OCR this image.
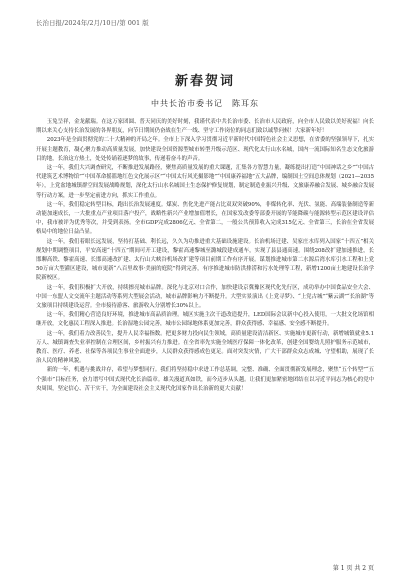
长治日报/2024年/2月/10日/第 001 版
新春贺词
中共长治市委书记　陈耳东

玉兔呈祥，金龙献瑞。在这万家团圆、普天同庆的美好时刻，我谨代表中共长治市委、长治市人民政府，向全市人民致以美好祝福！向长期以来关心支持长治发展的各界朋友，向节日期间仍奋战在生产一线、坚守工作岗位的同志们致以诚挚问候！大家新年好！

2023年是全面贯彻党的二十大精神的开局之年。全市上下深入学习贯彻习近平新时代中国特色社会主义思想，在省委的坚强领导下，扎实开展主题教育，凝心聚力推动高质量发展，加快建设全国资源型城市转型升级示范区、现代化太行山水名城，国内一流国际知名生态文化旅游目的地，长治这方热土，处处传诵着逐梦的故事，传递着奋斗的声音。

这一年，我们大兴调查研究，不断推进发展路径，聚焦高质量发展的重大课题，汇集各方智慧力量，凝练提出打造“中国神话之乡”“中国古代建筑艺术博物馆”“中国革命摇篮地红色文化展示区”“中国太行风光摄影地”“中国康养福地”五大品牌，编制国土空间总体规划（2021—2035年），上党盆地城镇群空间发展战略规划，深化太行山水名城国土生态保护修复规划，制定制造业振兴升级、文旅康养融合发展、城乡融合发展等行动方案，进一步坚定前进方向，抓实工作重点。

这一年，我们稳定转型目标，跑出长治发展速度。煤炭、焦化先进产能占比双双突破90%，非煤转化率、光伏、氢能、高端装备制造等新动能加速成长，一大批重点产业项目落户投产，战略性新兴产业增加值增长，在国家发改委等部委开展的节能降碳与能源转型示范区建设评估中，我市被评为优秀等次，并受到表扬。全市GDP完成2806亿元、全省第二，一般公共预算收入完成315亿元、全省第三，长治在全省发展格局中的地位日益凸显。

这一年，我们着眼长远发展，坚持打基础、利长远，久久为功推进重大基础设施建设。长治机场迁建、吴家庄水库列入国家“十四五”相关规划中期调整项目，平安高速“十四五”期间可开工建设，黎霍高速黎城至潞城段建成通车，实现了县县通高速。围绕208改扩建加速推进，长邯聊高铁、黎霍高速、长邯高速改扩建、太行山大峡谷机场改扩建等项目前期工作有序开展。谋划推进城市第二水源后湾水库引水工程和上党50万亩大型灌区建设，城市更新“八百里故事·美丽的庭院”得到完善，有序推进城市防洪排涝和污水处理等工程，新增1200亩土地建设长治学院新校区。

这一年，我们积极扩大开放，持续擦亮城市品牌。深化与北京对口合作，加快建设京冀豫区现代化先行区，成功举办中国食品安全大会、中国一东盟人文交流年主题活动等系列大型展会活动，城市品牌影响力不断提升。大型实景演出《上党寻梦》、“上党古城”“紫云湖”“长治湖”等文旅项目持续建设运营。全市接待游客、旅游收入分别增长30%以上。

这一年，我们精心营造良好环境，推进城市高品质治理。城区实施主次干道改造提升，LED国际会议新中心投入使用，一大批文化场馆相继开放，文化惠民工程深入推进。长治湿地公园完善，城市公园绿地体系更加完善，群众获得感、幸福感、安全感不断提升。

这一年，我们着力改善民生，提升人民幸福指数。把更多财力投向民生领域，高质量建设清洁新区、实施城市更新行动，新增城镇就业5.1万人、城镇调查失业率控制在合理区间，乡村振兴有力推进。在全省率先实施全域医疗保障一体化改革，创建全国婴幼儿照护服务示范城市，教育、医疗、养老、社保等各项民生事业全面进步，人民群众获得感成色更足。面对突发灾情，广大干部群众众志成城、守望相助，展现了长治人民的精神风貌。

新的一年，机遇与挑战并存，希望与梦想同行。我们将坚持稳中求进工作总基调，完整、准确、全面贯彻新发展理念，聚焦“五个转型”“五个强市”目标任务，奋力谱写中国式现代化长治篇章。雄关漫道真如铁，而今迈步从头越。让我们更加紧密地团结在以习近平同志为核心的党中央周围，坚定信心、苦干实干，为全面建设社会主义现代化国家作出长治新的更大贡献！

第 1 页 共 2 页
